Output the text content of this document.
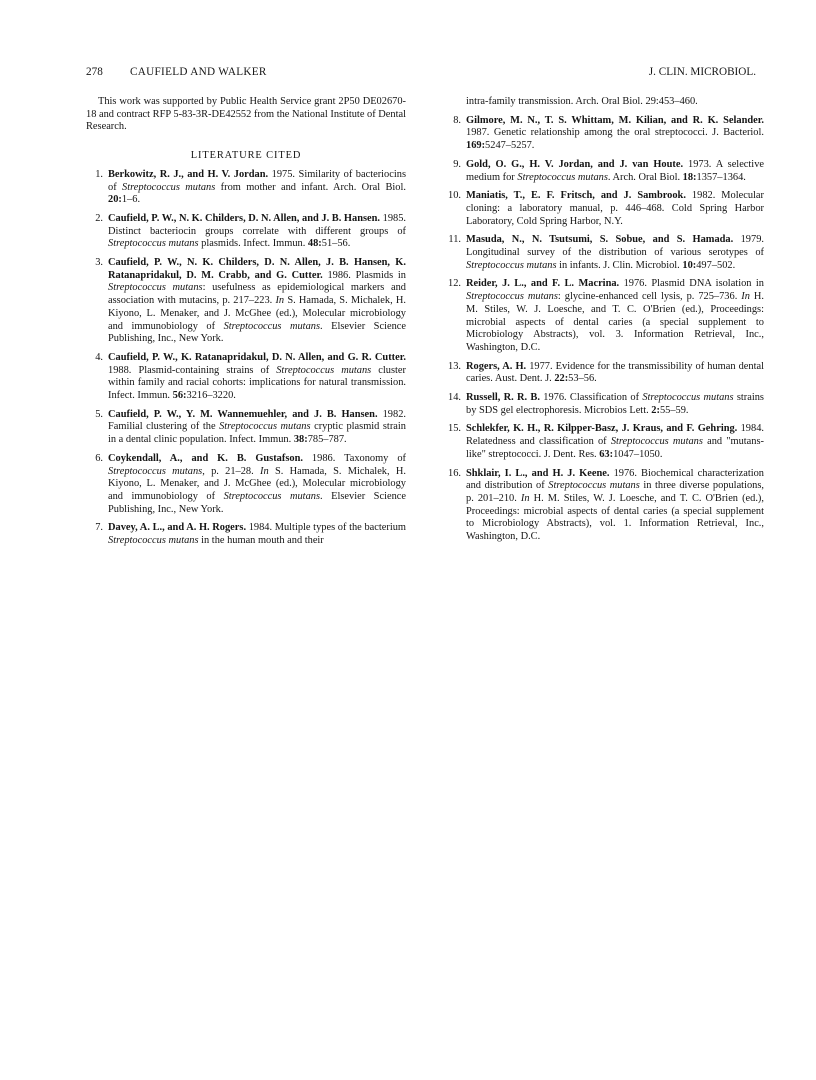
278 CAUFIELD AND WALKER	J. CLIN. MICROBIOL.

This work was supported by Public Health Service grant 2P50 DE02670-18 and contract RFP 5-83-3R-DE42552 from the National Institute of Dental Research.

LITERATURE CITED
1. Berkowitz, R. J., and H. V. Jordan. 1975. Similarity of bacteriocins of Streptococcus mutans from mother and infant. Arch. Oral Biol. 20:1–6.
2. Caufield, P. W., N. K. Childers, D. N. Allen, and J. B. Hansen. 1985. Distinct bacteriocin groups correlate with different groups of Streptococcus mutans plasmids. Infect. Immun. 48:51–56.
3. Caufield, P. W., N. K. Childers, D. N. Allen, J. B. Hansen, K. Ratanapridakul, D. M. Crabb, and G. Cutter. 1986. Plasmids in Streptococcus mutans: usefulness as epidemiological markers and association with mutacins, p. 217–223. In S. Hamada, S. Michalek, H. Kiyono, L. Menaker, and J. McGhee (ed.), Molecular microbiology and immunobiology of Streptococcus mutans. Elsevier Science Publishing, Inc., New York.
4. Caufield, P. W., K. Ratanapridakul, D. N. Allen, and G. R. Cutter. 1988. Plasmid-containing strains of Streptococcus mutans cluster within family and racial cohorts: implications for natural transmission. Infect. Immun. 56:3216–3220.
5. Caufield, P. W., Y. M. Wannemuehler, and J. B. Hansen. 1982. Familial clustering of the Streptococcus mutans cryptic plasmid strain in a dental clinic population. Infect. Immun. 38:785–787.
6. Coykendall, A., and K. B. Gustafson. 1986. Taxonomy of Streptococcus mutans, p. 21–28. In S. Hamada, S. Michalek, H. Kiyono, L. Menaker, and J. McGhee (ed.), Molecular microbiology and immunobiology of Streptococcus mutans. Elsevier Science Publishing, Inc., New York.
7. Davey, A. L., and A. H. Rogers. 1984. Multiple types of the bacterium Streptococcus mutans in the human mouth and their
intra-family transmission. Arch. Oral Biol. 29:453–460.
8. Gilmore, M. N., T. S. Whittam, M. Kilian, and R. K. Selander. 1987. Genetic relationship among the oral streptococci. J. Bacteriol. 169:5247–5257.
9. Gold, O. G., H. V. Jordan, and J. van Houte. 1973. A selective medium for Streptococcus mutans. Arch. Oral Biol. 18:1357–1364.
10. Maniatis, T., E. F. Fritsch, and J. Sambrook. 1982. Molecular cloning: a laboratory manual, p. 446–468. Cold Spring Harbor Laboratory, Cold Spring Harbor, N.Y.
11. Masuda, N., N. Tsutsumi, S. Sobue, and S. Hamada. 1979. Longitudinal survey of the distribution of various serotypes of Streptococcus mutans in infants. J. Clin. Microbiol. 10:497–502.
12. Reider, J. L., and F. L. Macrina. 1976. Plasmid DNA isolation in Streptococcus mutans: glycine-enhanced cell lysis, p. 725–736. In H. M. Stiles, W. J. Loesche, and T. C. O'Brien (ed.), Proceedings: microbial aspects of dental caries (a special supplement to Microbiology Abstracts), vol. 3. Information Retrieval, Inc., Washington, D.C.
13. Rogers, A. H. 1977. Evidence for the transmissibility of human dental caries. Aust. Dent. J. 22:53–56.
14. Russell, R. R. B. 1976. Classification of Streptococcus mutans strains by SDS gel electrophoresis. Microbios Lett. 2:55–59.
15. Schlekfer, K. H., R. Kilpper-Basz, J. Kraus, and F. Gehring. 1984. Relatedness and classification of Streptococcus mutans and "mutans-like" streptococci. J. Dent. Res. 63:1047–1050.
16. Shklair, I. L., and H. J. Keene. 1976. Biochemical characterization and distribution of Streptococcus mutans in three diverse populations, p. 201–210. In H. M. Stiles, W. J. Loesche, and T. C. O'Brien (ed.), Proceedings: microbial aspects of dental caries (a special supplement to Microbiology Abstracts), vol. 1. Information Retrieval, Inc., Washington, D.C.
